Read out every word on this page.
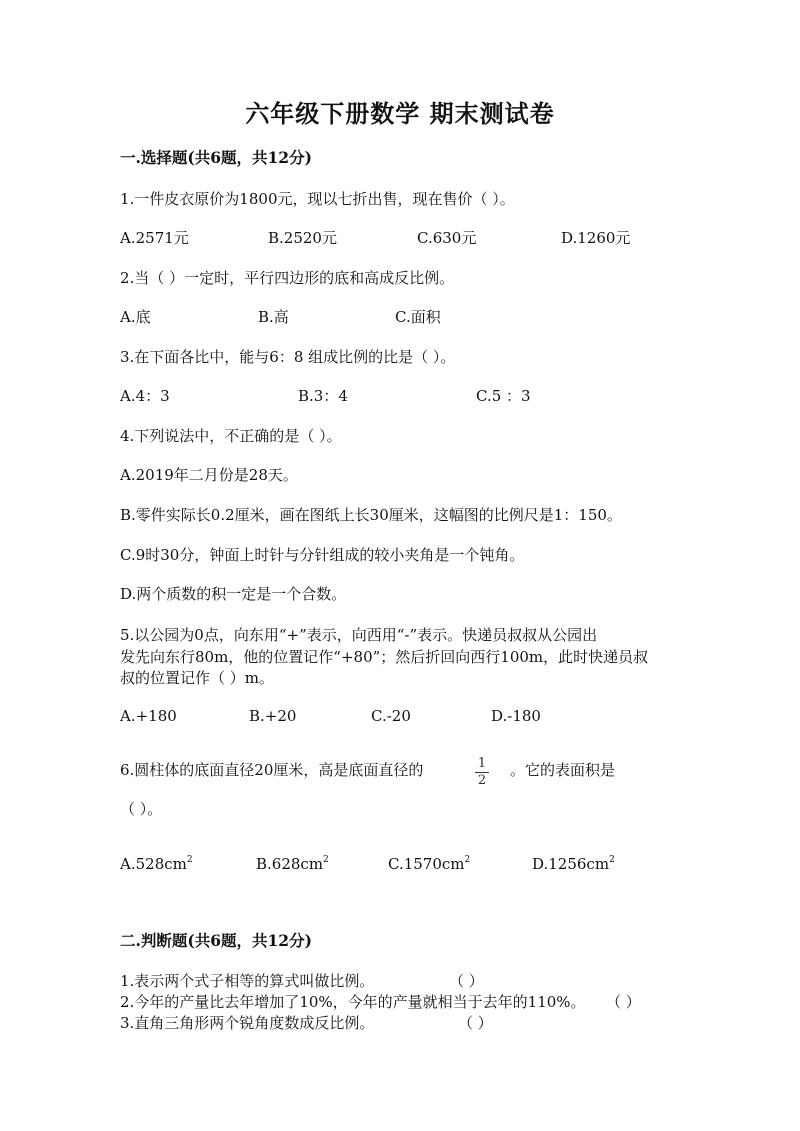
六年级下册数学 期末测试卷
一.选择题(共6题，共12分)
1.一件皮衣原价为1800元，现以七折出售，现在售价（ ）。
A.2571元	B.2520元	C.630元	D.1260元
2.当（ ）一定时，平行四边形的底和高成反比例。
A.底	B.高	C.面积
3.在下面各比中，能与6：8 组成比例的比是（ ）。
A.4：3	B.3：4	C.5 ：3
4.下列说法中，不正确的是（ ）。
A.2019年二月份是28天。
B.零件实际长0.2厘米，画在图纸上长30厘米，这幅图的比例尺是1：150。
C.9时30分，钟面上时针与分针组成的较小夹角是一个钝角。
D.两个质数的积一定是一个合数。
5.以公园为0点，向东用“+”表示，向西用“-”表示。快递员叔叔从公园出
发先向东行80m，他的位置记作“+80”；然后折回向西行100m，此时快递员叔
叔的位置记作（ ）m。
A.+180	B.+20	C.-20	D.-180
6.圆柱体的底面直径20厘米，高是底面直径的	1
2
。它的表面积是
（ ）。
$A.528cm^2$	$B.628cm^2$	$C.1570cm^2$	$D.1256cm^2$
二.判断题(共6题，共12分)
1.表示两个式子相等的算式叫做比例。	（ ）
2.今年的产量比去年增加了10%，今年的产量就相当于去年的110%。 （ ）
3.直角三角形两个锐角度数成反比例。	（ ）
